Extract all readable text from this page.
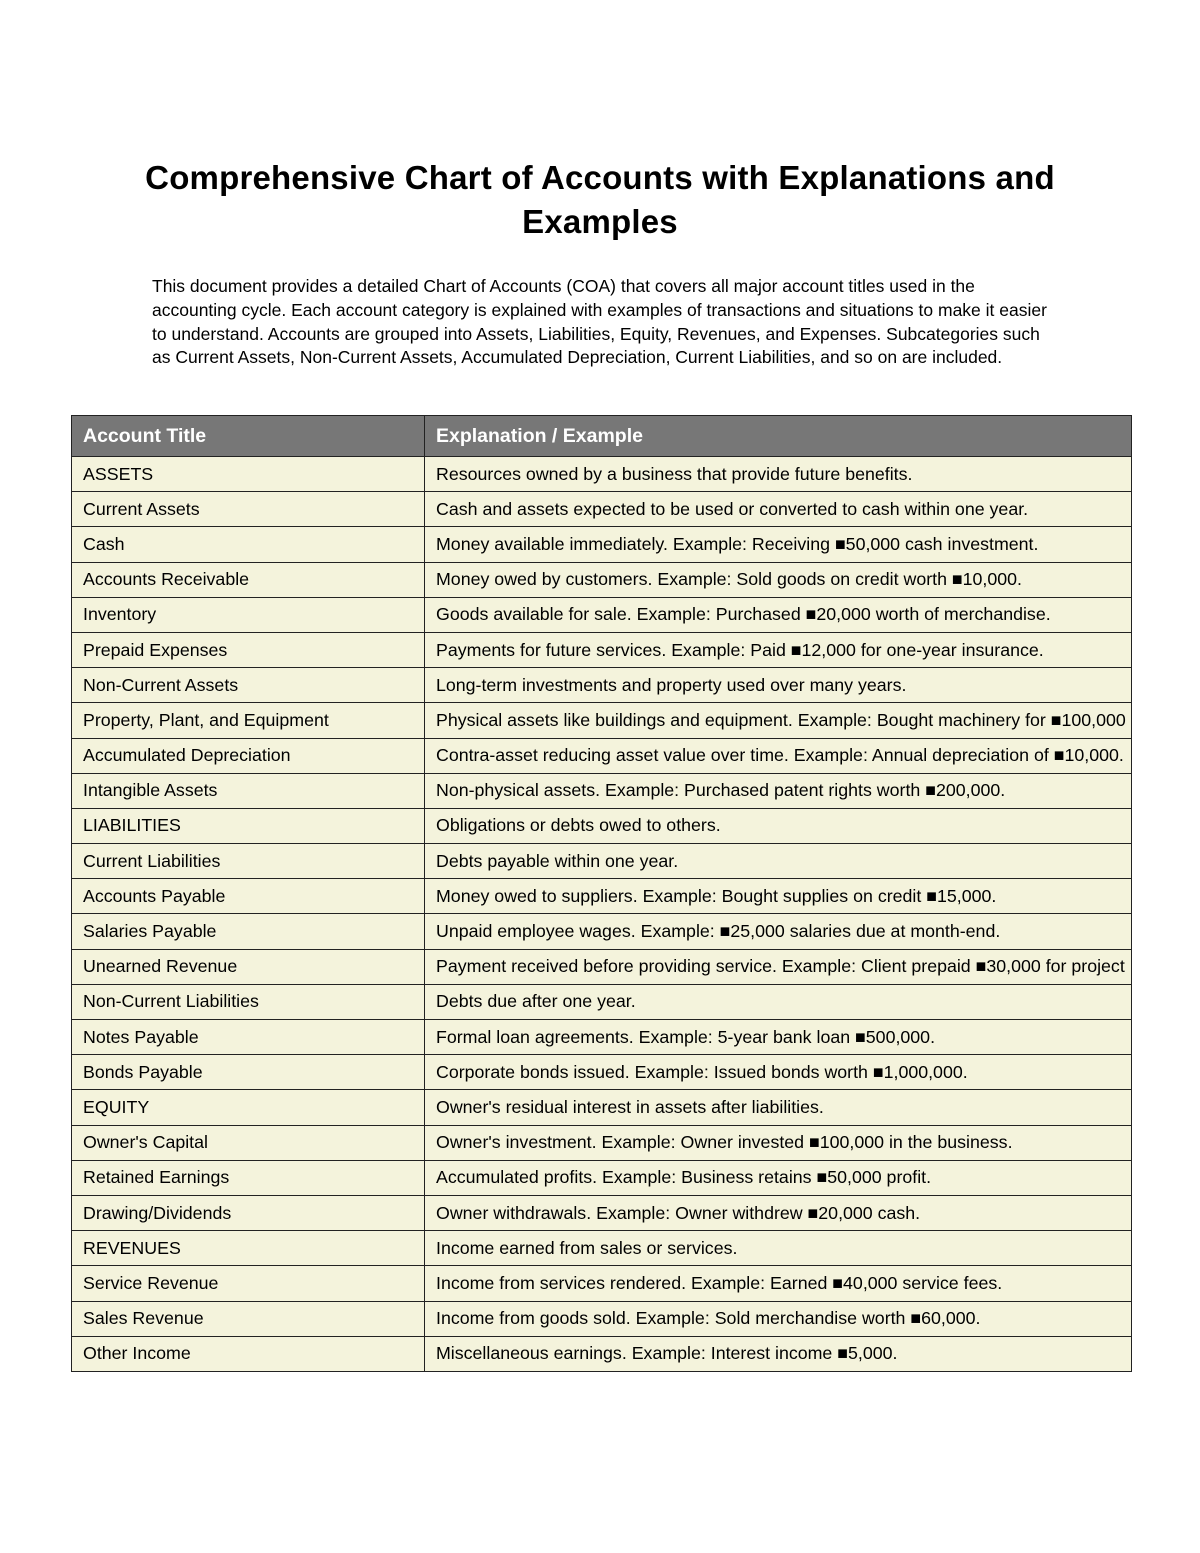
Comprehensive Chart of Accounts with Explanations and Examples

This document provides a detailed Chart of Accounts (COA) that covers all major account titles used in the accounting cycle. Each account category is explained with examples of transactions and situations to make it easier to understand. Accounts are grouped into Assets, Liabilities, Equity, Revenues, and Expenses. Subcategories such as Current Assets, Non-Current Assets, Accumulated Depreciation, Current Liabilities, and so on are included.

Account Title	Explanation / Example
ASSETS	Resources owned by a business that provide future benefits.
Current Assets	Cash and assets expected to be used or converted to cash within one year.
Cash	Money available immediately. Example: Receiving ■50,000 cash investment.
Accounts Receivable	Money owed by customers. Example: Sold goods on credit worth ■10,000.
Inventory	Goods available for sale. Example: Purchased ■20,000 worth of merchandise.
Prepaid Expenses	Payments for future services. Example: Paid ■12,000 for one-year insurance.
Non-Current Assets	Long-term investments and property used over many years.
Property, Plant, and Equipment	Physical assets like buildings and equipment. Example: Bought machinery for ■100,000
Accumulated Depreciation	Contra-asset reducing asset value over time. Example: Annual depreciation of ■10,000.
Intangible Assets	Non-physical assets. Example: Purchased patent rights worth ■200,000.
LIABILITIES	Obligations or debts owed to others.
Current Liabilities	Debts payable within one year.
Accounts Payable	Money owed to suppliers. Example: Bought supplies on credit ■15,000.
Salaries Payable	Unpaid employee wages. Example: ■25,000 salaries due at month-end.
Unearned Revenue	Payment received before providing service. Example: Client prepaid ■30,000 for project
Non-Current Liabilities	Debts due after one year.
Notes Payable	Formal loan agreements. Example: 5-year bank loan ■500,000.
Bonds Payable	Corporate bonds issued. Example: Issued bonds worth ■1,000,000.
EQUITY	Owner's residual interest in assets after liabilities.
Owner's Capital	Owner's investment. Example: Owner invested ■100,000 in the business.
Retained Earnings	Accumulated profits. Example: Business retains ■50,000 profit.
Drawing/Dividends	Owner withdrawals. Example: Owner withdrew ■20,000 cash.
REVENUES	Income earned from sales or services.
Service Revenue	Income from services rendered. Example: Earned ■40,000 service fees.
Sales Revenue	Income from goods sold. Example: Sold merchandise worth ■60,000.
Other Income	Miscellaneous earnings. Example: Interest income ■5,000.
